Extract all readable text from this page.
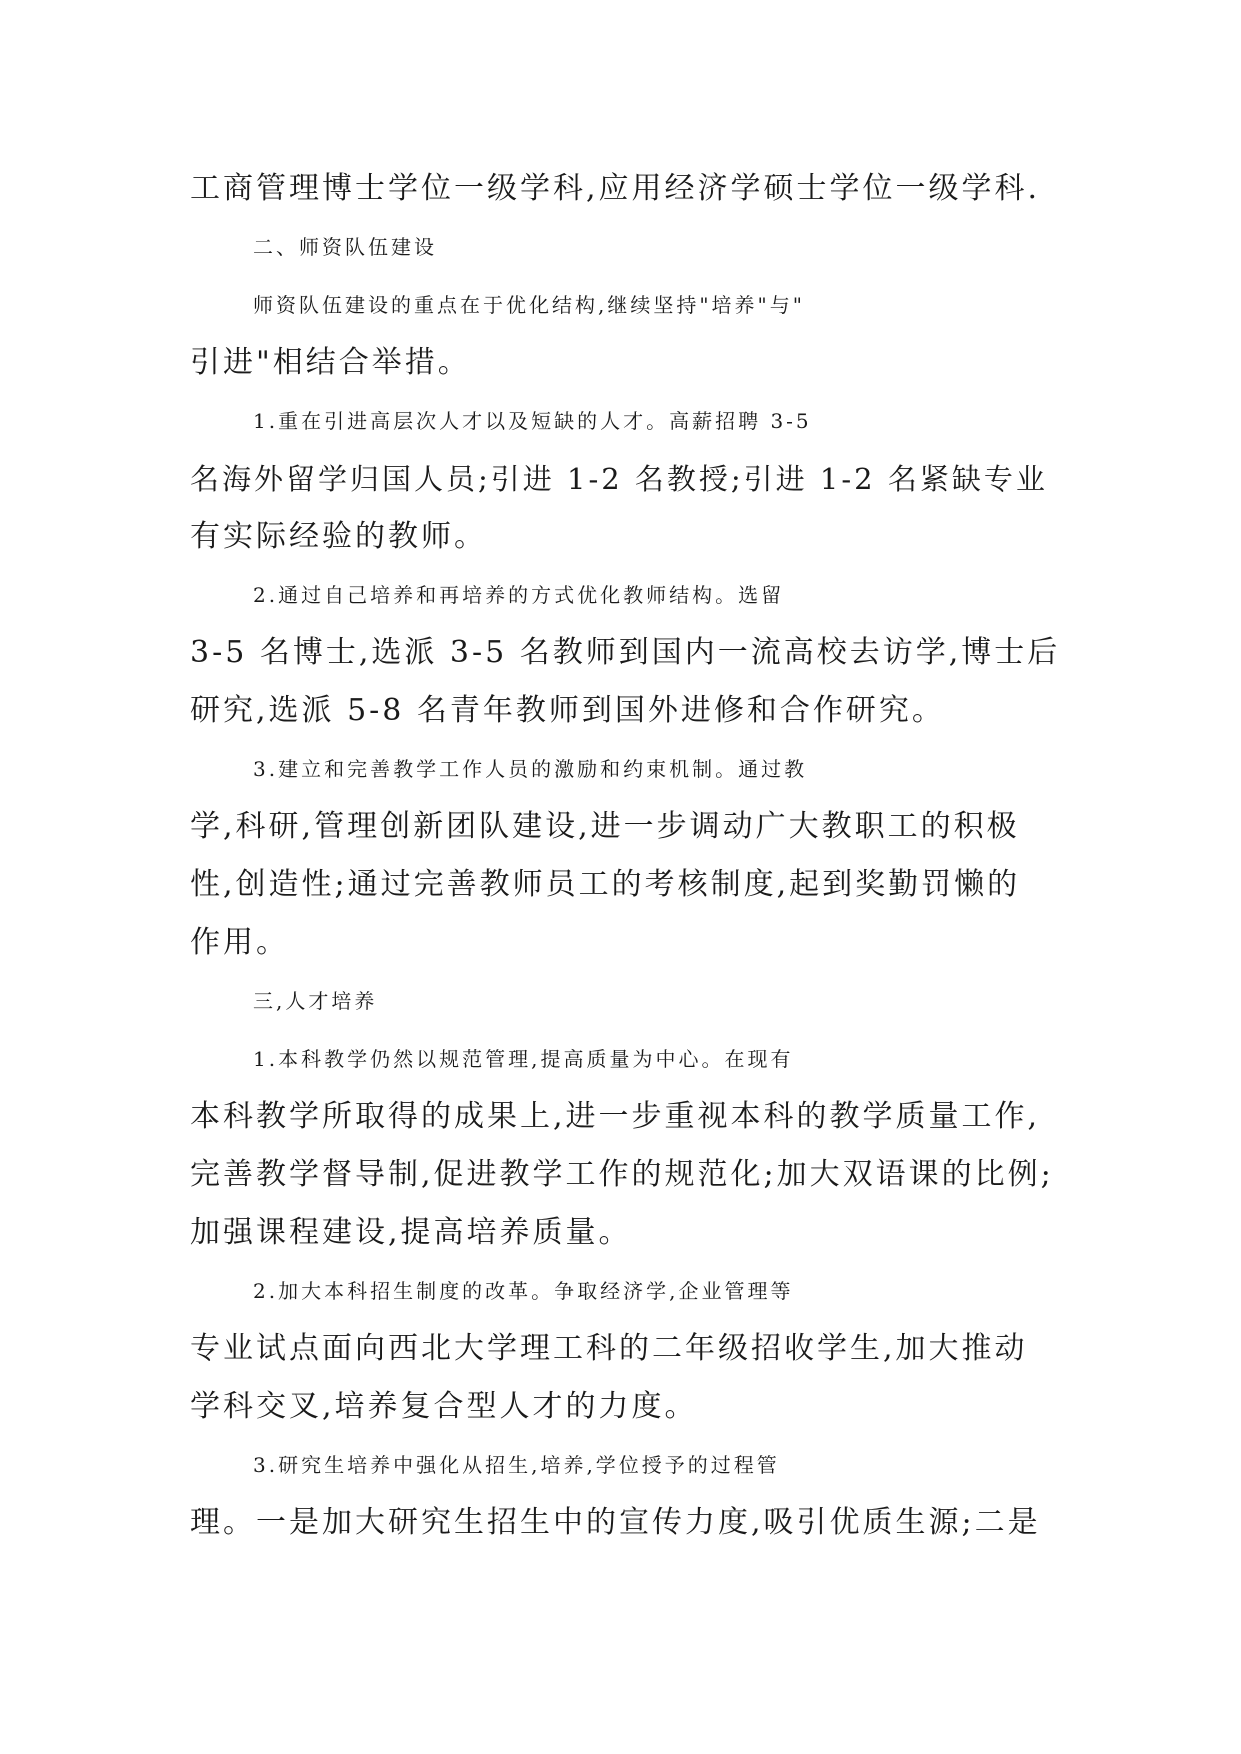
工商管理博士学位一级学科,应用经济学硕士学位一级学科.
二、师资队伍建设
师资队伍建设的重点在于优化结构,继续坚持"培养"与"
引进"相结合举措。
1.重在引进高层次人才以及短缺的人才。高薪招聘 3-5
名海外留学归国人员;引进 1-2 名教授;引进 1-2 名紧缺专业
有实际经验的教师。
2.通过自己培养和再培养的方式优化教师结构。选留
3-5 名博士,选派 3-5 名教师到国内一流高校去访学,博士后
研究,选派 5-8 名青年教师到国外进修和合作研究。
3.建立和完善教学工作人员的激励和约束机制。通过教
学,科研,管理创新团队建设,进一步调动广大教职工的积极
性,创造性;通过完善教师员工的考核制度,起到奖勤罚懒的
作用。
三,人才培养
1.本科教学仍然以规范管理,提高质量为中心。在现有
本科教学所取得的成果上,进一步重视本科的教学质量工作,
完善教学督导制,促进教学工作的规范化;加大双语课的比例;
加强课程建设,提高培养质量。
2.加大本科招生制度的改革。争取经济学,企业管理等
专业试点面向西北大学理工科的二年级招收学生,加大推动
学科交叉,培养复合型人才的力度。
3.研究生培养中强化从招生,培养,学位授予的过程管
理。一是加大研究生招生中的宣传力度,吸引优质生源;二是
